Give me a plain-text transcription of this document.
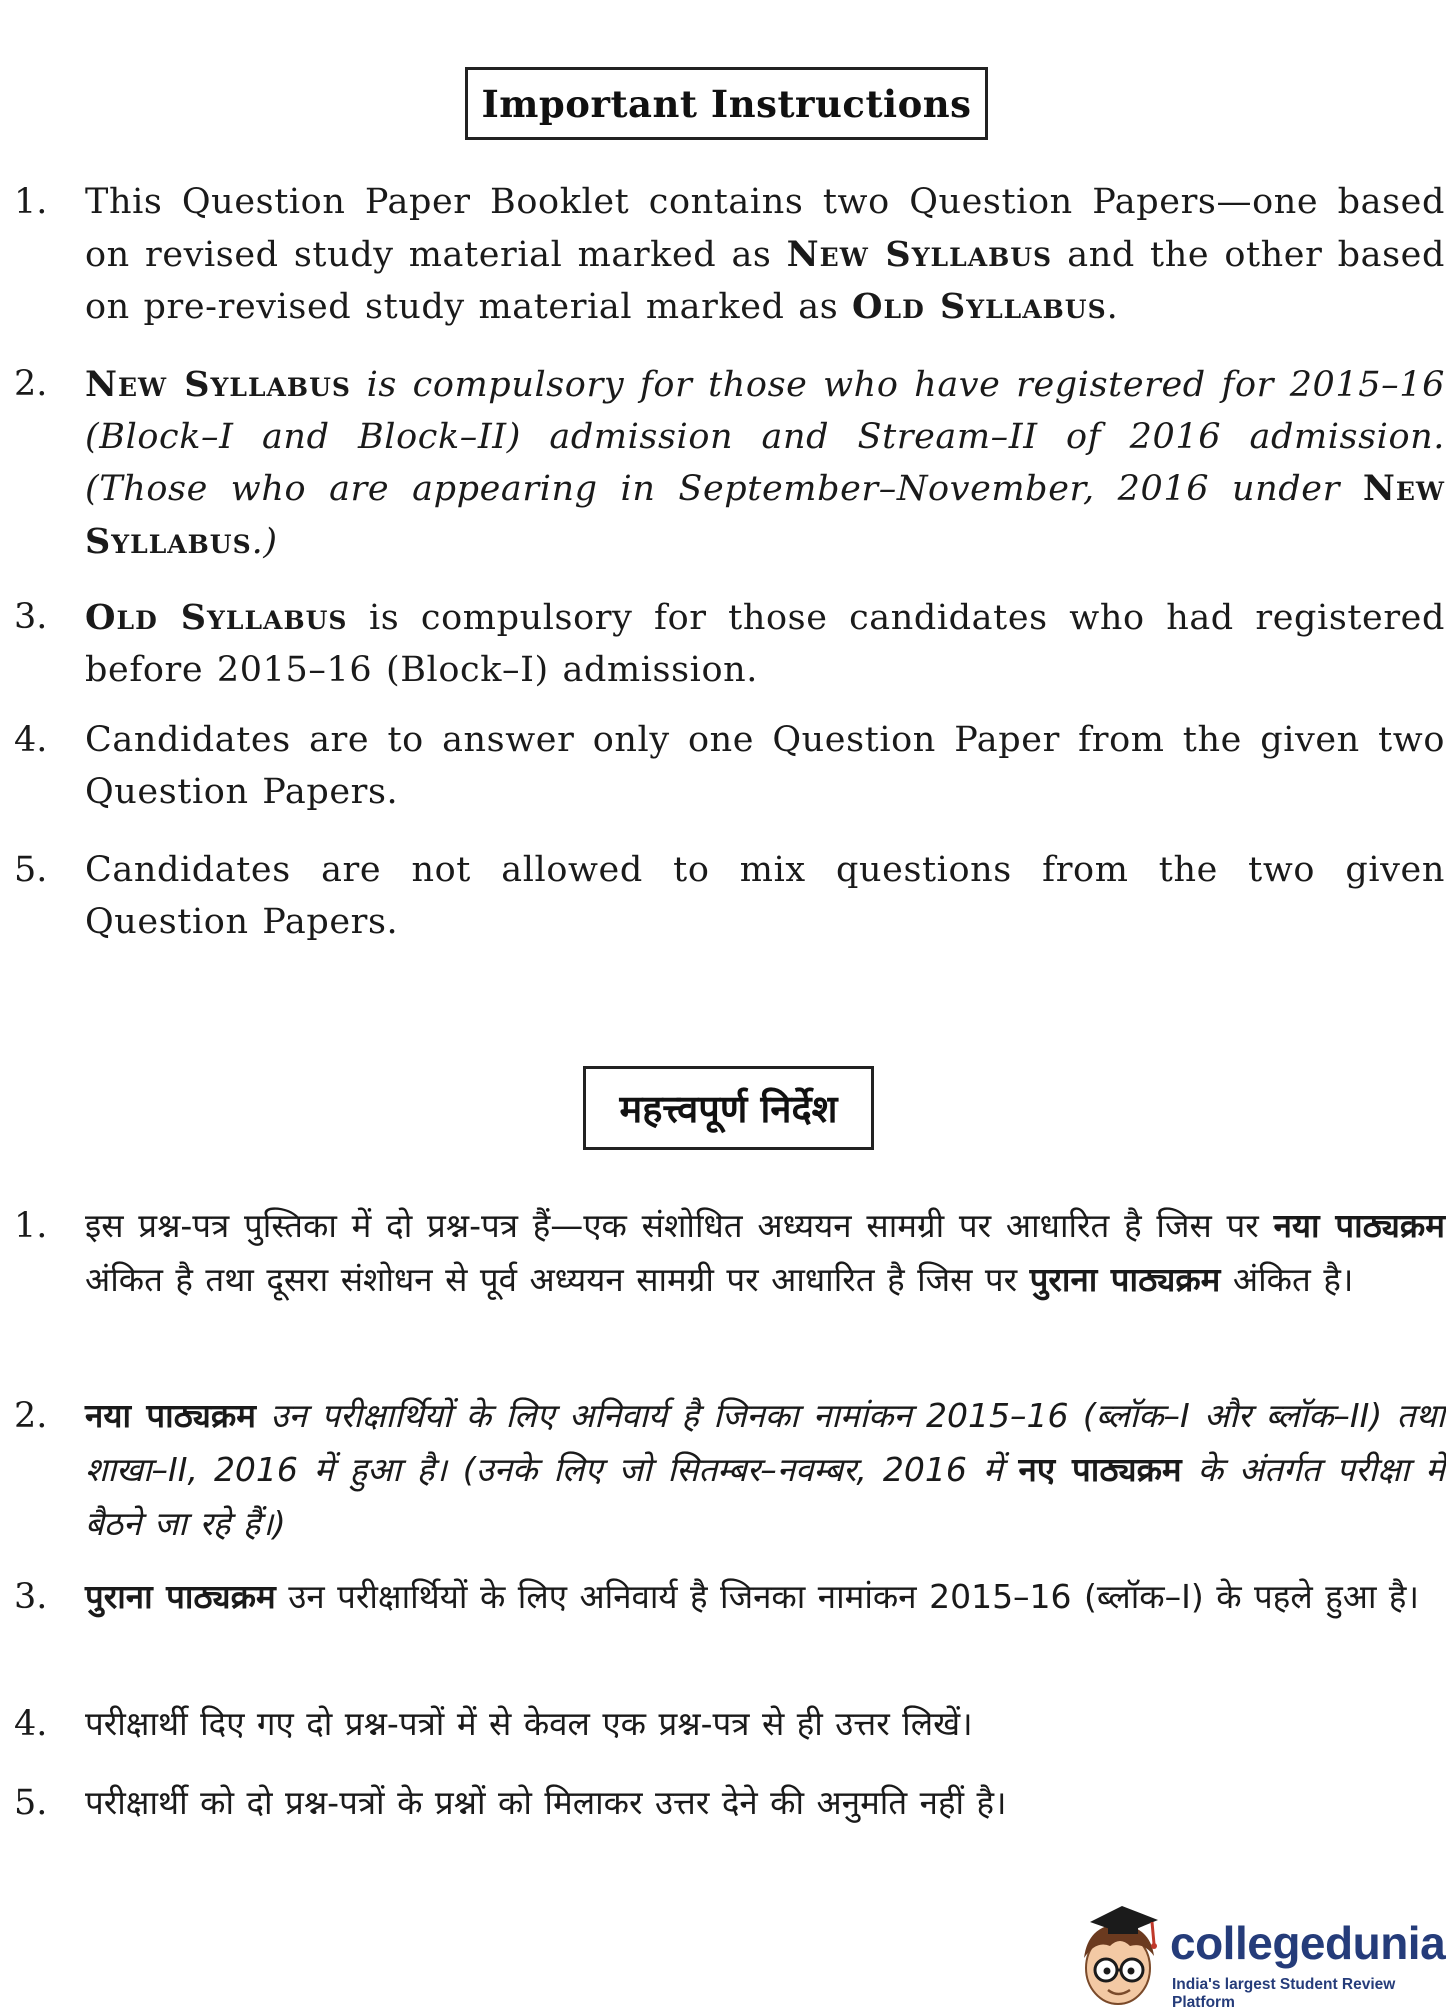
Important Instructions
1.	This Question Paper Booklet contains two Question Papers—one based on revised study material marked as New Syllabus and the other based on pre-revised study material marked as Old Syllabus.
2.	New Syllabus is compulsory for those who have registered for 2015–16 (Block–I and Block–II) admission and Stream–II of 2016 admission. (Those who are appearing in September–November, 2016 under New Syllabus.)
3.	Old Syllabus is compulsory for those candidates who had registered before 2015–16 (Block–I) admission.
4.	Candidates are to answer only one Question Paper from the given two Question Papers.
5.	Candidates are not allowed to mix questions from the two given Question Papers.
महत्त्वपूर्ण निर्देश
1.	इस प्रश्न-पत्र पुस्तिका में दो प्रश्न-पत्र हैं—एक संशोधित अध्ययन सामग्री पर आधारित है जिस पर नया पाठ्यक्रम अंकित है तथा दूसरा संशोधन से पूर्व अध्ययन सामग्री पर आधारित है जिस पर पुराना पाठ्यक्रम अंकित है।
2.	नया पाठ्यक्रम उन परीक्षार्थियों के लिए अनिवार्य है जिनका नामांकन 2015–16 (ब्लॉक–I और ब्लॉक–II) तथा शाखा–II, 2016 में हुआ है। (उनके लिए जो सितम्बर–नवम्बर, 2016 में नए पाठ्यक्रम के अंतर्गत परीक्षा में बैठने जा रहे हैं।)
3.	पुराना पाठ्यक्रम उन परीक्षार्थियों के लिए अनिवार्य है जिनका नामांकन 2015–16 (ब्लॉक–I) के पहले हुआ है।
4.	परीक्षार्थी दिए गए दो प्रश्न-पत्रों में से केवल एक प्रश्न-पत्र से ही उत्तर लिखें।
5.	परीक्षार्थी को दो प्रश्न-पत्रों के प्रश्नों को मिलाकर उत्तर देने की अनुमति नहीं है।
collegedunia
India's largest Student Review Platform
